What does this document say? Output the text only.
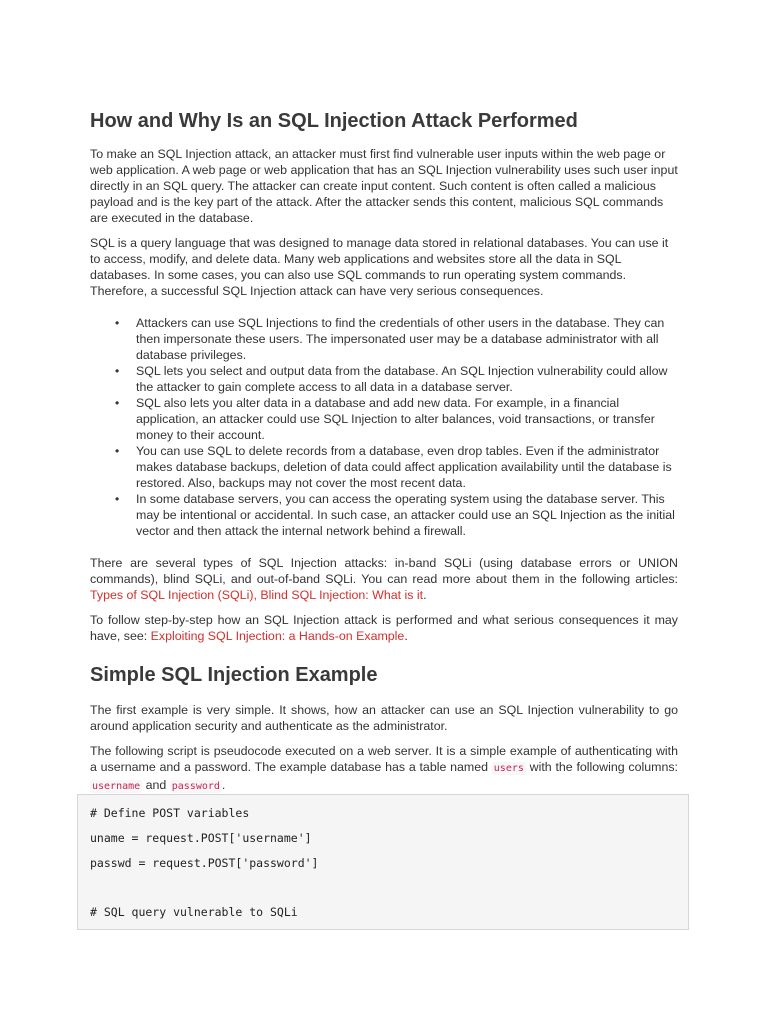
How and Why Is an SQL Injection Attack Performed

To make an SQL Injection attack, an attacker must first find vulnerable user inputs within the web page or web application. A web page or web application that has an SQL Injection vulnerability uses such user input directly in an SQL query. The attacker can create input content. Such content is often called a malicious payload and is the key part of the attack. After the attacker sends this content, malicious SQL commands are executed in the database.

SQL is a query language that was designed to manage data stored in relational databases. You can use it to access, modify, and delete data. Many web applications and websites store all the data in SQL databases. In some cases, you can also use SQL commands to run operating system commands. Therefore, a successful SQL Injection attack can have very serious consequences.

• Attackers can use SQL Injections to find the credentials of other users in the database. They can then impersonate these users. The impersonated user may be a database administrator with all database privileges.
• SQL lets you select and output data from the database. An SQL Injection vulnerability could allow the attacker to gain complete access to all data in a database server.
• SQL also lets you alter data in a database and add new data. For example, in a financial application, an attacker could use SQL Injection to alter balances, void transactions, or transfer money to their account.
• You can use SQL to delete records from a database, even drop tables. Even if the administrator makes database backups, deletion of data could affect application availability until the database is restored. Also, backups may not cover the most recent data.
• In some database servers, you can access the operating system using the database server. This may be intentional or accidental. In such case, an attacker could use an SQL Injection as the initial vector and then attack the internal network behind a firewall.

There are several types of SQL Injection attacks: in-band SQLi (using database errors or UNION commands), blind SQLi, and out-of-band SQLi. You can read more about them in the following articles: Types of SQL Injection (SQLi), Blind SQL Injection: What is it.

To follow step-by-step how an SQL Injection attack is performed and what serious consequences it may have, see: Exploiting SQL Injection: a Hands-on Example.

Simple SQL Injection Example

The first example is very simple. It shows, how an attacker can use an SQL Injection vulnerability to go around application security and authenticate as the administrator.

The following script is pseudocode executed on a web server. It is a simple example of authenticating with a username and a password. The example database has a table named users with the following columns: username and password .

# Define POST variables
uname = request.POST['username']
passwd = request.POST['password']
# SQL query vulnerable to SQLi
